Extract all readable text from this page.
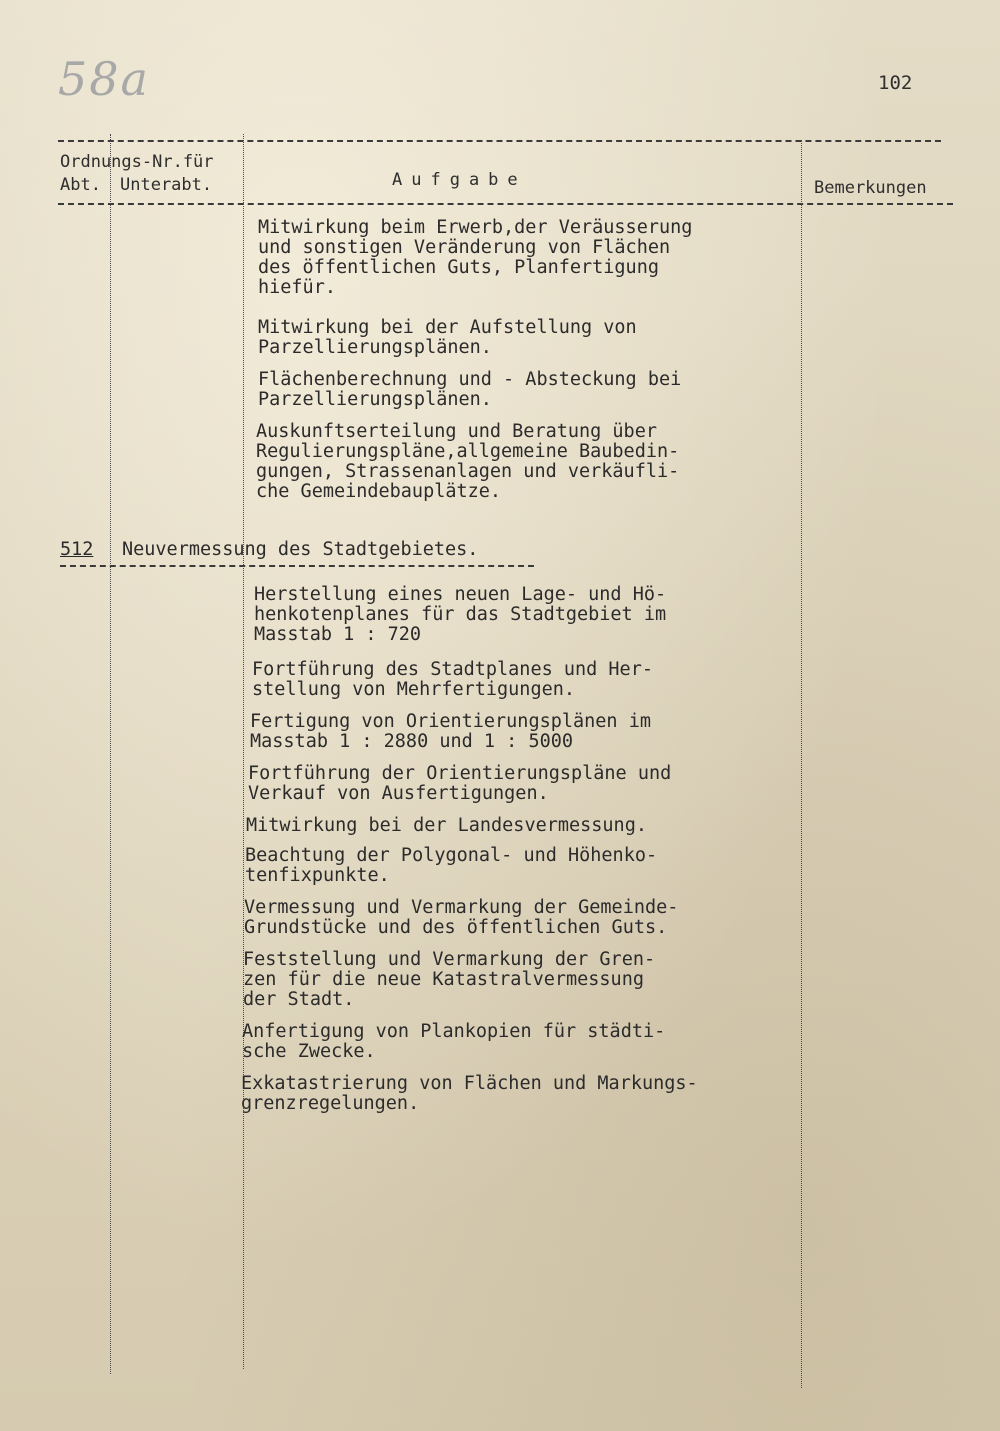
58a	102
Ordnungs-Nr.für
Abt. Unterabt.	Aufgabe	Bemerkungen
Mitwirkung beim Erwerb,der Veräusserung
und sonstigen Veränderung von Flächen
des öffentlichen Guts, Planfertigung
hiefür.
Mitwirkung bei der Aufstellung von
Parzellierungsplänen.
Flächenberechnung und - Absteckung bei
Parzellierungsplänen.
Auskunftserteilung und Beratung über
Regulierungspläne,allgemeine Baubedin-
gungen, Strassenanlagen und verkäufli-
che Gemeindebauplätze.
512 Neuvermessung des Stadtgebietes.
Herstellung eines neuen Lage- und Hö-
henkotenplanes für das Stadtgebiet im
Masstab 1 : 720
Fortführung des Stadtplanes und Her-
stellung von Mehrfertigungen.
Fertigung von Orientierungsplänen im
Masstab 1 : 2880 und 1 : 5000
Fortführung der Orientierungspläne und
Verkauf von Ausfertigungen.
Mitwirkung bei der Landesvermessung.
Beachtung der Polygonal- und Höhenko-
tenfixpunkte.
Vermessung und Vermarkung der Gemeinde-
Grundstücke und des öffentlichen Guts.
Feststellung und Vermarkung der Gren-
zen für die neue Katastralvermessung
der Stadt.
Anfertigung von Plankopien für städti-
sche Zwecke.
Exkatastrierung von Flächen und Markungs-
grenzregelungen.
